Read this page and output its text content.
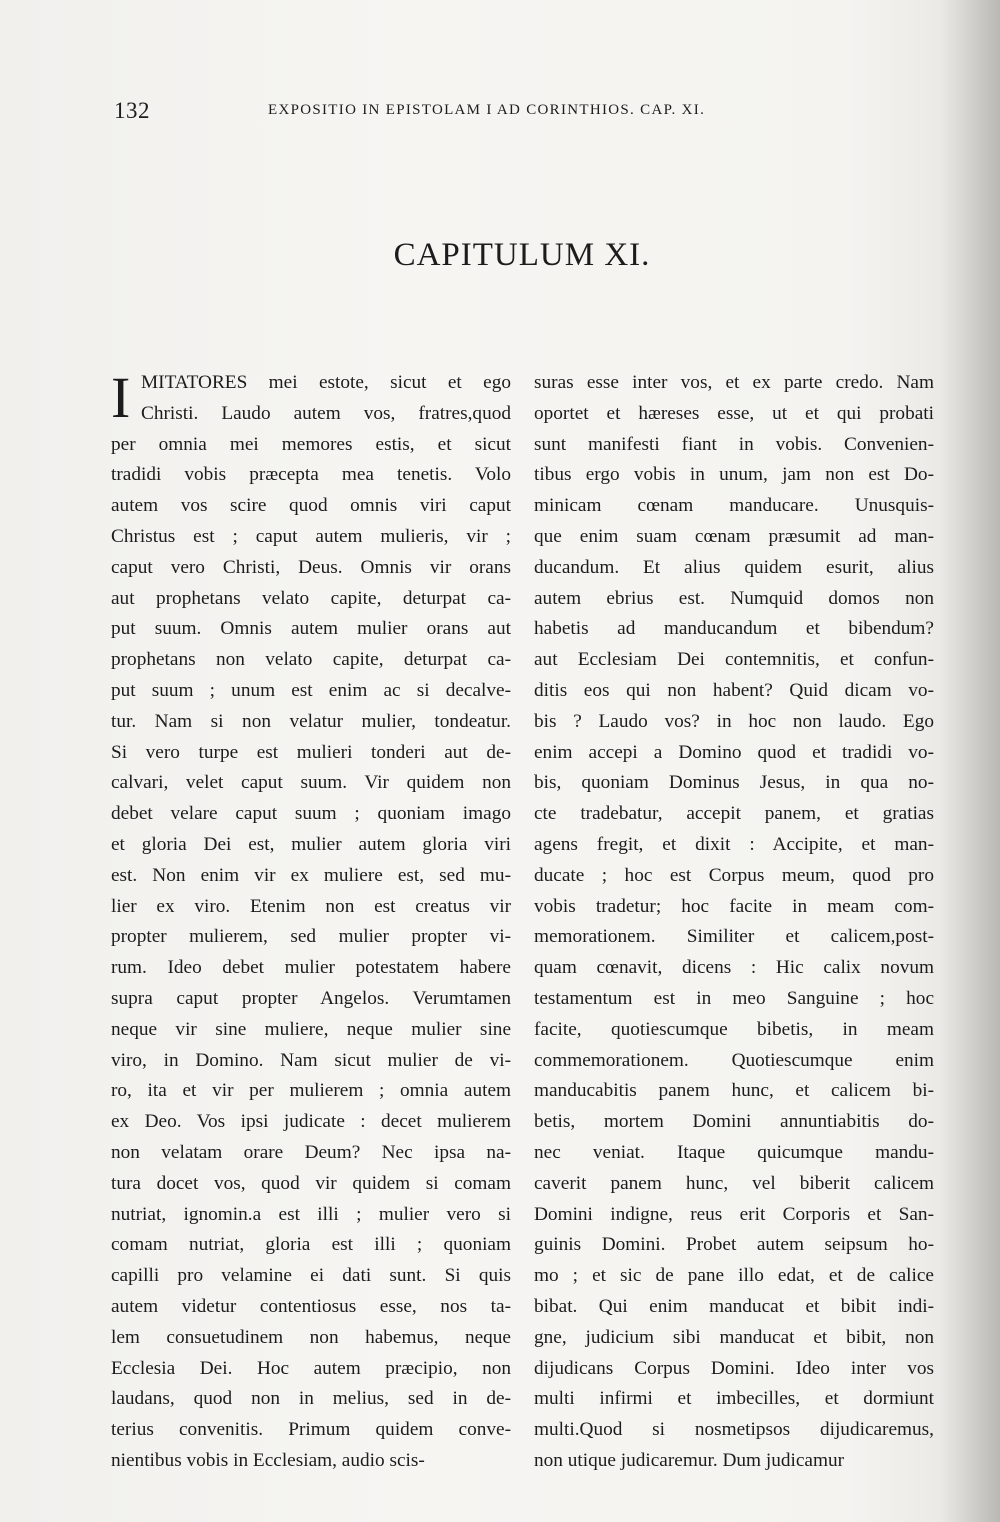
132	EXPOSITIO IN EPISTOLAM I AD CORINTHIOS. CAP. XI.
CAPITULUM XI.
I MITATORES mei estote, sicut et ego
Christi. Laudo autem vos, fratres,quod
per omnia mei memores estis, et sicut
tradidi vobis præcepta mea tenetis. Volo
autem vos scire quod omnis viri caput
Christus est ; caput autem mulieris, vir ;
caput vero Christi, Deus. Omnis vir orans
aut prophetans velato capite, deturpat ca-
put suum. Omnis autem mulier orans aut
prophetans non velato capite, deturpat ca-
put suum ; unum est enim ac si decalve-
tur. Nam si non velatur mulier, tondeatur.
Si vero turpe est mulieri tonderi aut de-
calvari, velet caput suum. Vir quidem non
debet velare caput suum ; quoniam imago
et gloria Dei est, mulier autem gloria viri
est. Non enim vir ex muliere est, sed mu-
lier ex viro. Etenim non est creatus vir
propter mulierem, sed mulier propter vi-
rum. Ideo debet mulier potestatem habere
supra caput propter Angelos. Verumtamen
neque vir sine muliere, neque mulier sine
viro, in Domino. Nam sicut mulier de vi-
ro, ita et vir per mulierem ; omnia autem
ex Deo. Vos ipsi judicate : decet mulierem
non velatam orare Deum? Nec ipsa na-
tura docet vos, quod vir quidem si comam
nutriat, ignomin.a est illi ; mulier vero si
comam nutriat, gloria est illi ; quoniam
capilli pro velamine ei dati sunt. Si quis
autem videtur contentiosus esse, nos ta-
lem consuetudinem non habemus, neque
Ecclesia Dei. Hoc autem præcipio, non
laudans, quod non in melius, sed in de-
terius convenitis. Primum quidem conve-
nientibus vobis in Ecclesiam, audio scis-
suras esse inter vos, et ex parte credo. Nam
oportet et hæreses esse, ut et qui probati
sunt manifesti fiant in vobis. Convenien-
tibus ergo vobis in unum, jam non est Do-
minicam cœnam manducare. Unusquis-
que enim suam cœnam præsumit ad man-
ducandum. Et alius quidem esurit, alius
autem ebrius est. Numquid domos non
habetis ad manducandum et bibendum?
aut Ecclesiam Dei contemnitis, et confun-
ditis eos qui non habent? Quid dicam vo-
bis ? Laudo vos? in hoc non laudo. Ego
enim accepi a Domino quod et tradidi vo-
bis, quoniam Dominus Jesus, in qua no-
cte tradebatur, accepit panem, et gratias
agens fregit, et dixit : Accipite, et man-
ducate ; hoc est Corpus meum, quod pro
vobis tradetur; hoc facite in meam com-
memorationem. Similiter et calicem,post-
quam cœnavit, dicens : Hic calix novum
testamentum est in meo Sanguine ; hoc
facite, quotiescumque bibetis, in meam
commemorationem. Quotiescumque enim
manducabitis panem hunc, et calicem bi-
betis, mortem Domini annuntiabitis do-
nec veniat. Itaque quicumque mandu-
caverit panem hunc, vel biberit calicem
Domini indigne, reus erit Corporis et San-
guinis Domini. Probet autem seipsum ho-
mo ; et sic de pane illo edat, et de calice
bibat. Qui enim manducat et bibit indi-
gne, judicium sibi manducat et bibit, non
dijudicans Corpus Domini. Ideo inter vos
multi infirmi et imbecilles, et dormiunt
multi.Quod si nosmetipsos dijudicaremus,
non utique judicaremur. Dum judicamur
